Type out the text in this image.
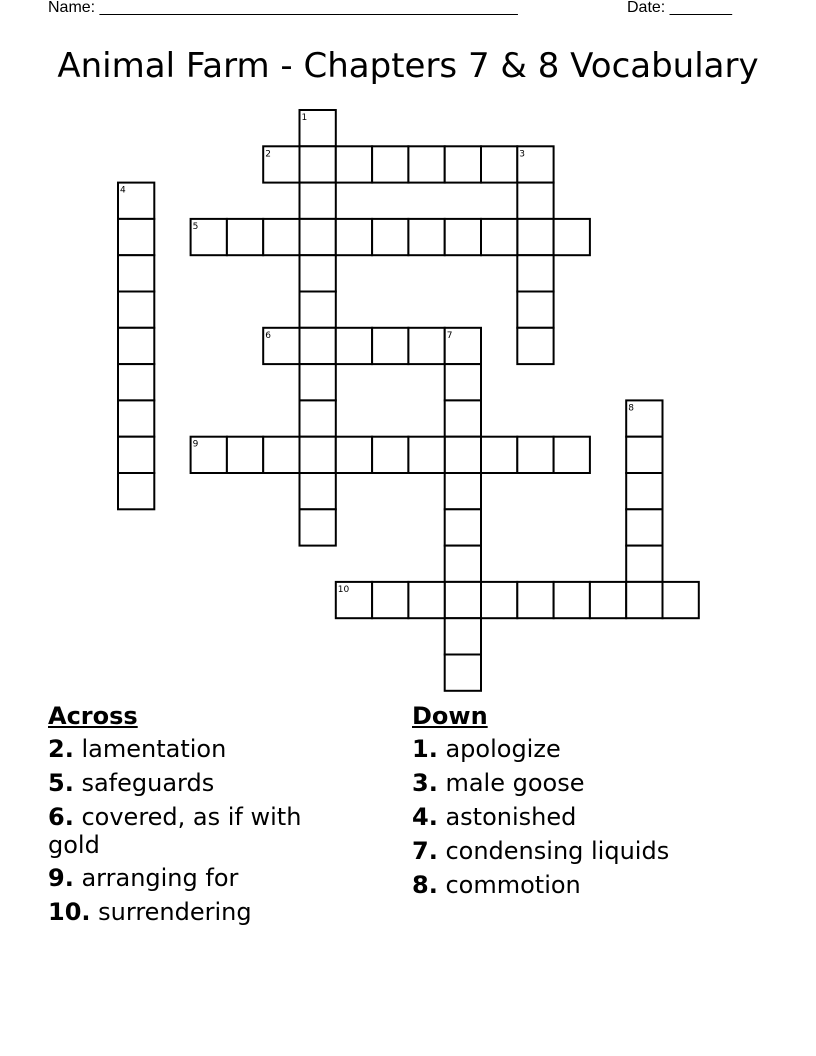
Name: _______________________________________________	Date: _______
Animal Farm - Chapters 7 & 8 Vocabulary
1
2	3
4
5
6	7
8
9
10
Across
2. lamentation
5. safeguards
6. covered, as if with gold
9. arranging for
10. surrendering
Down
1. apologize
3. male goose
4. astonished
7. condensing liquids
8. commotion
